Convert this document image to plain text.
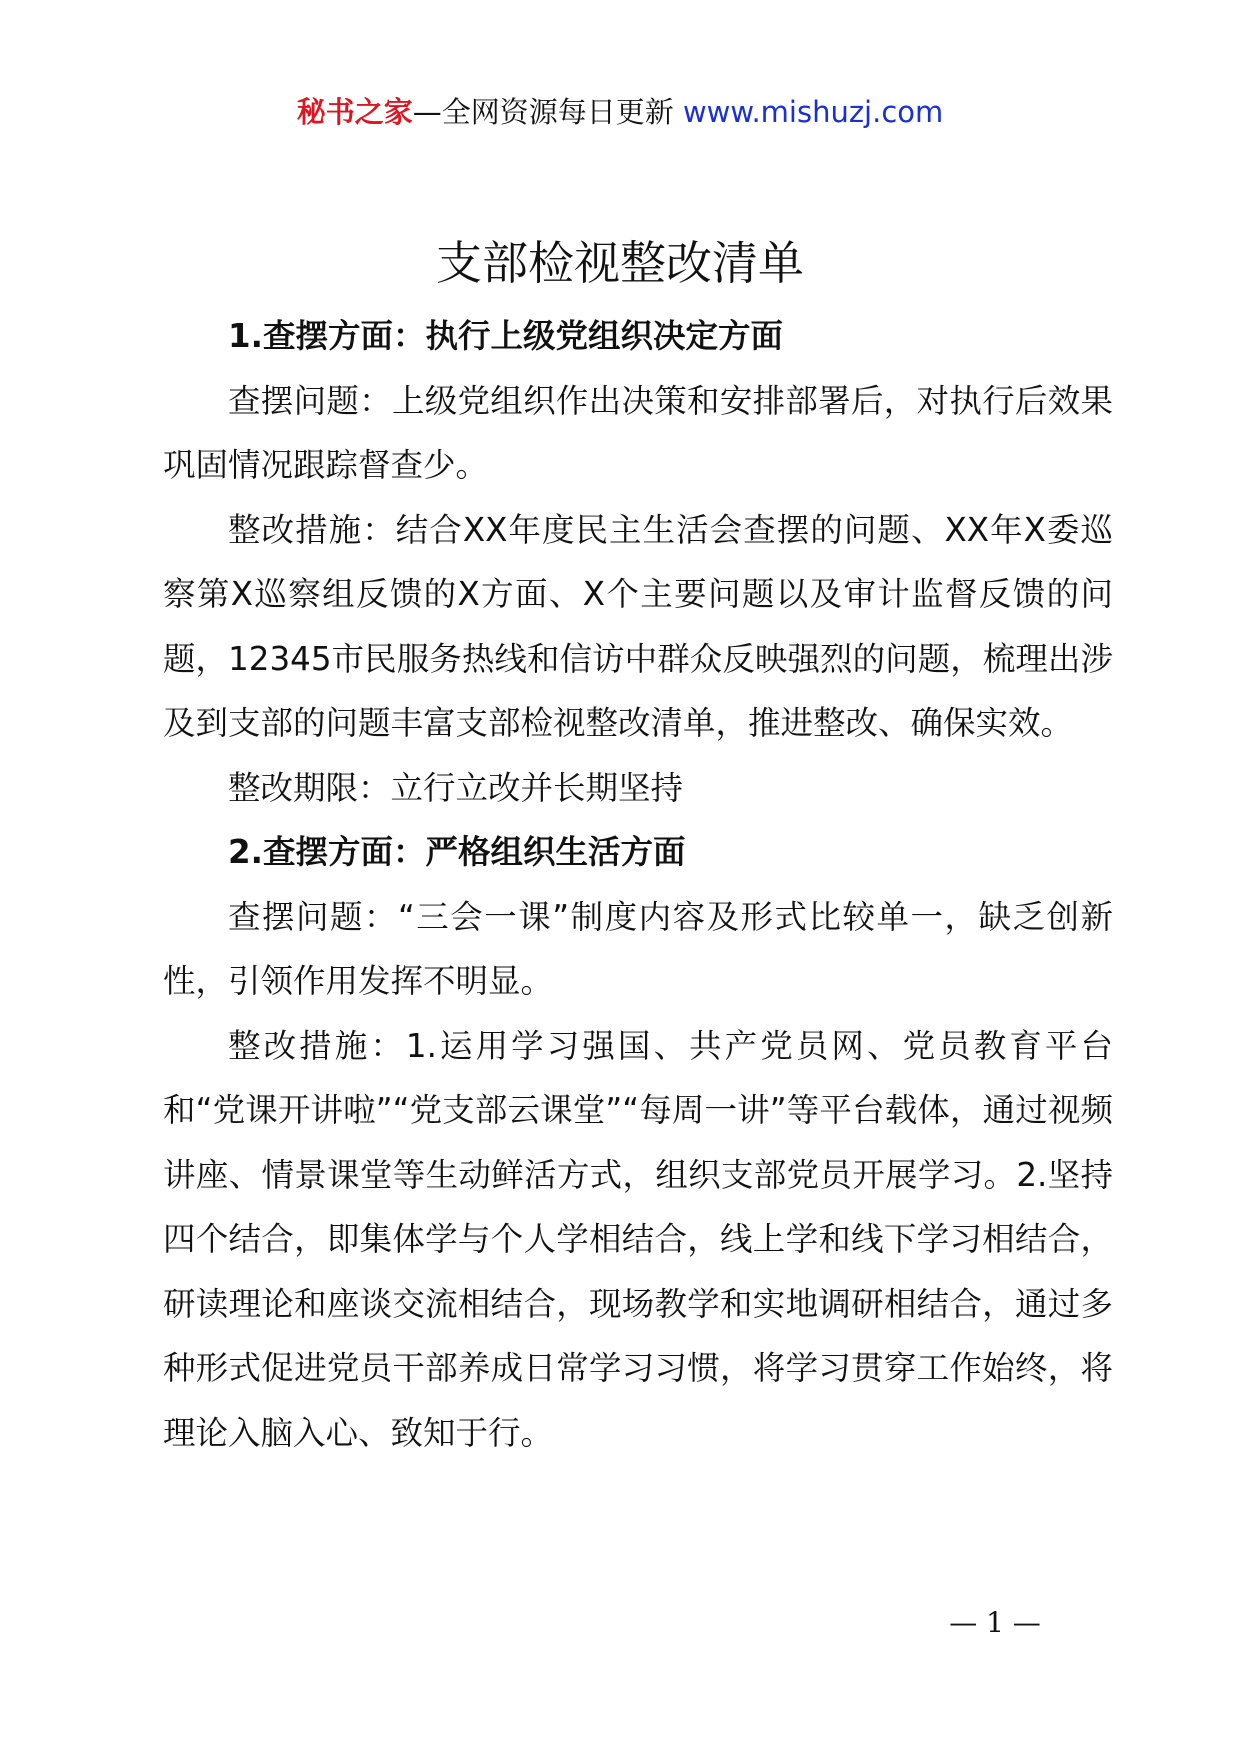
秘书之家—全网资源每日更新 www.mishuzj.com
支部检视整改清单

1.查摆方面：执行上级党组织决定方面

查摆问题：上级党组织作出决策和安排部署后，对执行后效果巩固情况跟踪督查少。

整改措施：结合XX年度民主生活会查摆的问题、XX年X委巡察第X巡察组反馈的X方面、X个主要问题以及审计监督反馈的问题，12345市民服务热线和信访中群众反映强烈的问题，梳理出涉及到支部的问题丰富支部检视整改清单，推进整改、确保实效。

整改期限：立行立改并长期坚持

2.查摆方面：严格组织生活方面

查摆问题：“三会一课”制度内容及形式比较单一，缺乏创新性，引领作用发挥不明显。

整改措施：1.运用学习强国、共产党员网、党员教育平台和“党课开讲啦”“党支部云课堂”“每周一讲”等平台载体，通过视频讲座、情景课堂等生动鲜活方式，组织支部党员开展学习。2.坚持四个结合，即集体学与个人学相结合，线上学和线下学习相结合，研读理论和座谈交流相结合，现场教学和实地调研相结合，通过多种形式促进党员干部养成日常学习习惯，将学习贯穿工作始终，将理论入脑入心、致知于行。

— 1 —
